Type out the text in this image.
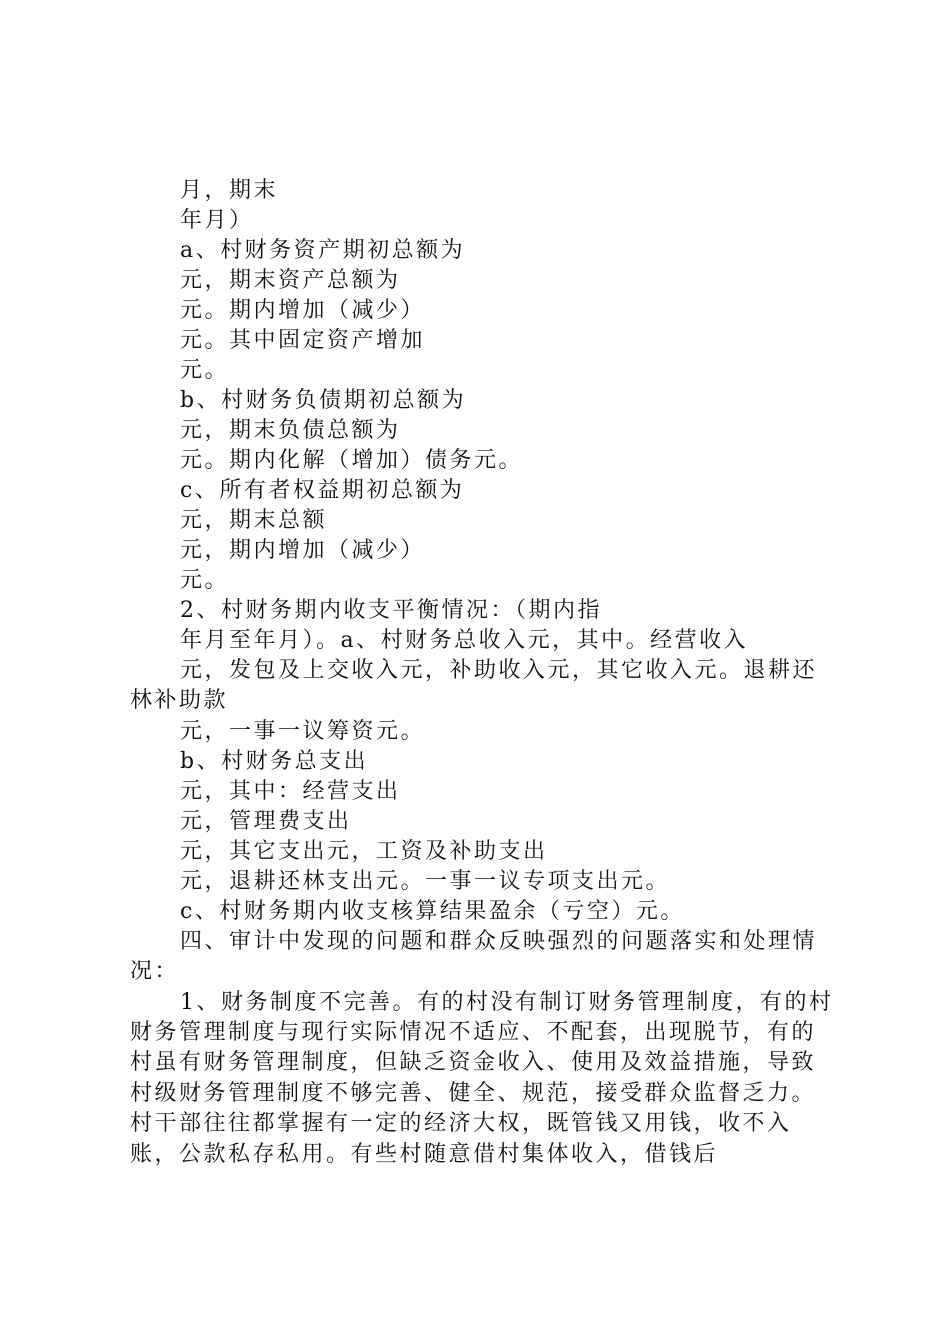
月，期末
年月）
a、村财务资产期初总额为
元，期末资产总额为
元。期内增加（减少）
元。其中固定资产增加
元。
b、村财务负债期初总额为
元，期末负债总额为
元。期内化解（增加）债务元。
c、所有者权益期初总额为
元，期末总额
元，期内增加（减少）
元。
2、村财务期内收支平衡情况：（期内指
年月至年月）。a、村财务总收入元，其中。经营收入
元，发包及上交收入元，补助收入元，其它收入元。退耕还林补助款
元，一事一议筹资元。
b、村财务总支出
元，其中：经营支出
元，管理费支出
元，其它支出元，工资及补助支出
元，退耕还林支出元。一事一议专项支出元。
c、村财务期内收支核算结果盈余（亏空）元。
四、审计中发现的问题和群众反映强烈的问题落实和处理情况：
1、财务制度不完善。有的村没有制订财务管理制度，有的村财务管理制度与现行实际情况不适应、不配套，出现脱节，有的村虽有财务管理制度，但缺乏资金收入、使用及效益措施，导致村级财务管理制度不够完善、健全、规范，接受群众监督乏力。村干部往往都掌握有一定的经济大权，既管钱又用钱，收不入账，公款私存私用。有些村随意借村集体收入，借钱后
